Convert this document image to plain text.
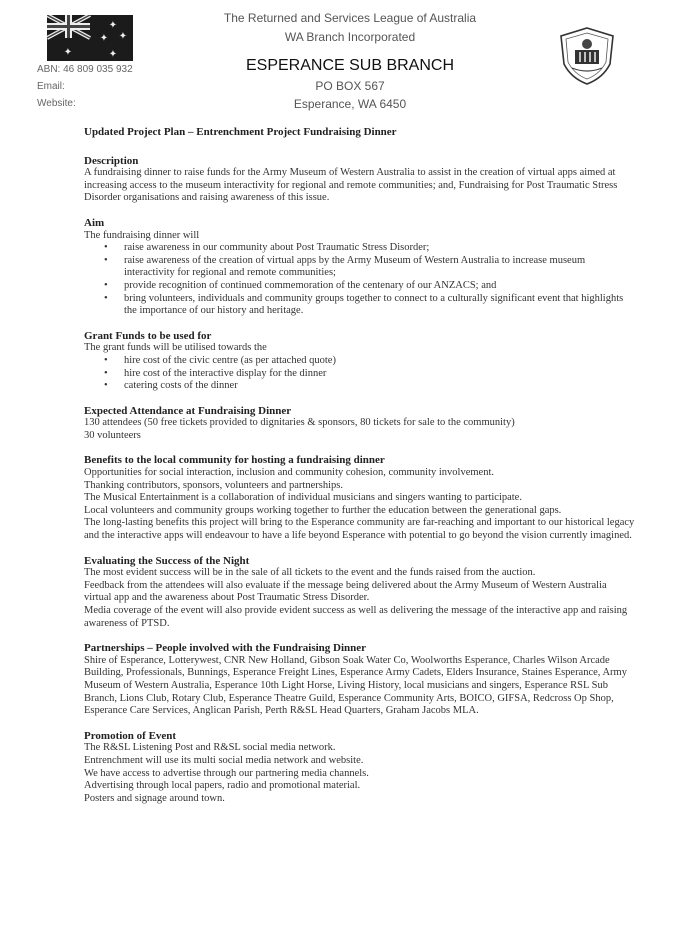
✦
✦
✦ ✦
✦
The Returned and Services League of Australia
WA Branch Incorporated
ESPERANCE SUB BRANCH
PO BOX 567
Esperance, WA 6450
ABN: 46 809 035 932
Email:
Website:

Updated Project Plan – Entrenchment Project Fundraising Dinner

Description

A fundraising dinner to raise funds for the Army Museum of Western Australia to assist in the creation of virtual apps aimed at increasing access to the museum interactivity for regional and remote communities; and, Fundraising for Post Traumatic Stress Disorder organisations and raising awareness of this issue.

Aim

The fundraising dinner will

• raise awareness in our community about Post Traumatic Stress Disorder;
• raise awareness of the creation of virtual apps by the Army Museum of Western Australia to increase museum interactivity for regional and remote communities;
• provide recognition of continued commemoration of the centenary of our ANZACS; and
• bring volunteers, individuals and community groups together to connect to a culturally significant event that highlights the importance of our history and heritage.

Grant Funds to be used for

The grant funds will be utilised towards the

• hire cost of the civic centre (as per attached quote)
• hire cost of the interactive display for the dinner
• catering costs of the dinner

Expected Attendance at Fundraising Dinner

130 attendees (50 free tickets provided to dignitaries & sponsors, 80 tickets for sale to the community)

30 volunteers

Benefits to the local community for hosting a fundraising dinner

Opportunities for social interaction, inclusion and community cohesion, community involvement.

Thanking contributors, sponsors, volunteers and partnerships.

The Musical Entertainment is a collaboration of individual musicians and singers wanting to participate.

Local volunteers and community groups working together to further the education between the generational gaps.

The long-lasting benefits this project will bring to the Esperance community are far-reaching and important to our historical legacy and the interactive apps will endeavour to have a life beyond Esperance with potential to go beyond the vision currently imagined.

Evaluating the Success of the Night

The most evident success will be in the sale of all tickets to the event and the funds raised from the auction.

Feedback from the attendees will also evaluate if the message being delivered about the Army Museum of Western Australia virtual app and the awareness about Post Traumatic Stress Disorder.

Media coverage of the event will also provide evident success as well as delivering the message of the interactive app and raising awareness of PTSD.

Partnerships – People involved with the Fundraising Dinner

Shire of Esperance, Lotterywest, CNR New Holland, Gibson Soak Water Co, Woolworths Esperance, Charles Wilson Arcade Building, Professionals, Bunnings, Esperance Freight Lines, Esperance Army Cadets, Elders Insurance, Staines Esperance, Army Museum of Western Australia, Esperance 10th Light Horse, Living History, local musicians and singers, Esperance RSL Sub Branch, Lions Club, Rotary Club, Esperance Theatre Guild, Esperance Community Arts, BOICO, GIFSA, Redcross Op Shop, Esperance Care Services, Anglican Parish, Perth R&SL Head Quarters, Graham Jacobs MLA.

Promotion of Event

The R&SL Listening Post and R&SL social media network.

Entrenchment will use its multi social media network and website.

We have access to advertise through our partnering media channels.

Advertising through local papers, radio and promotional material.

Posters and signage around town.
